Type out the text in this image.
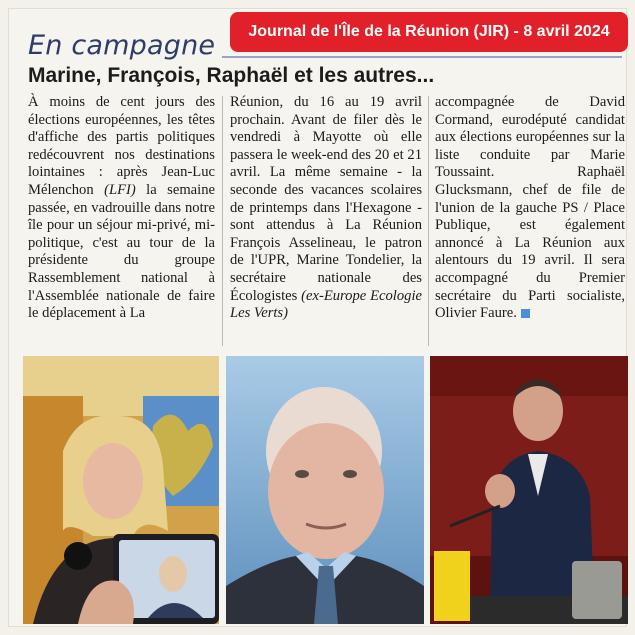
Journal de l'Île de la Réunion (JIR) - 8 avril 2024
En campagne
Marine, François, Raphaël et les autres...

À moins de cent jours des élections européennes, les têtes d'affiche des partis politiques redécouvrent nos destinations lointaines : après Jean-Luc Mélenchon (LFI) la semaine passée, en vadrouille dans notre île pour un séjour mi-privé, mi-politique, c'est au tour de la présidente du groupe Rassemblement national à l'Assemblée nationale de faire le déplacement à La

Réunion, du 16 au 19 avril prochain. Avant de filer dès le vendredi à Mayotte où elle passera le week-end des 20 et 21 avril. La même semaine - la seconde des vacances scolaires de printemps dans l'Hexagone - sont attendus à La Réunion François Asselineau, le patron de l'UPR, Marine Tondelier, la secrétaire nationale des Écologistes (ex-Europe Ecologie Les Verts)

accompagnée de David Cormand, eurodéputé candidat aux élections européennes sur la liste conduite par Marie Toussaint. Raphaël Glucksmann, chef de file de l'union de la gauche PS / Place Publique, est également annoncé à La Réunion aux alentours du 19 avril. Il sera accompagné du Premier secrétaire du Parti socialiste, Olivier Faure.
